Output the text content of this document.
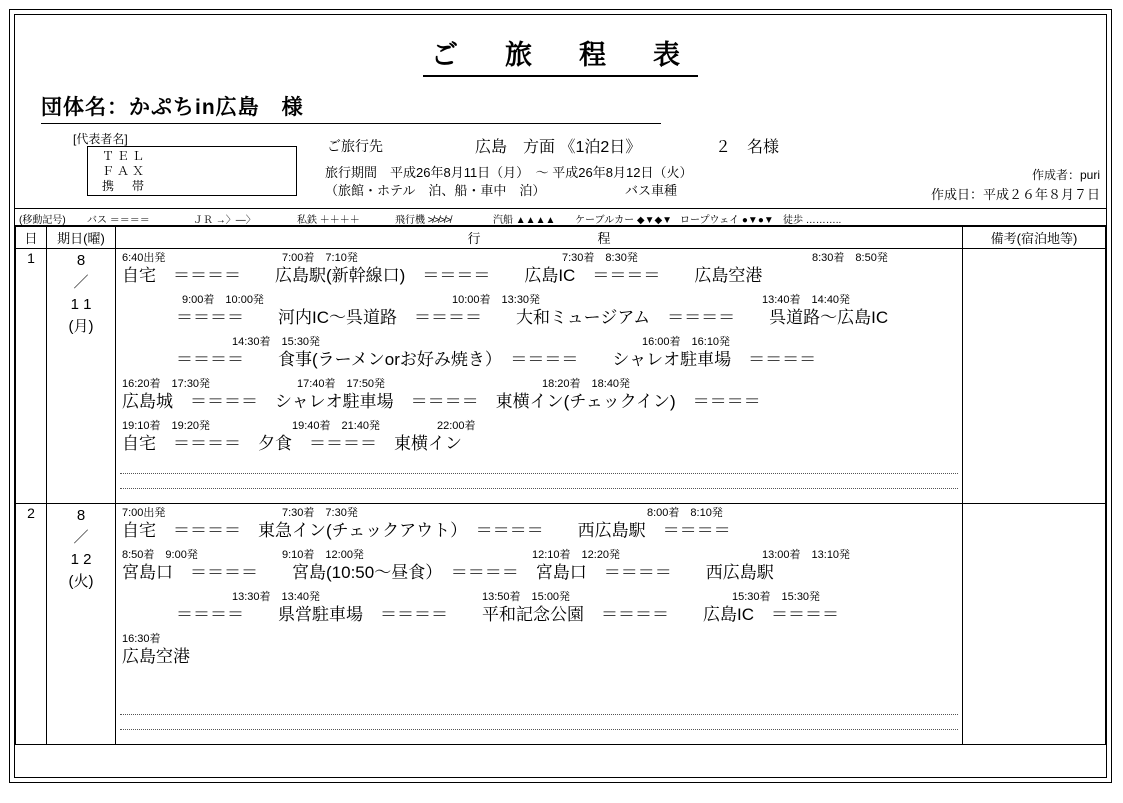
ご　旅　程　表
団体名：かぷちin広島　様
[代表者名]
ＴＥＬ
ＦＡＸ
携　帯
ご旅行先	広島　方面 《1泊2日》	２　名様
旅行期間　平成26年8月11日（月）　〜 平成26年8月12日（火）
（旅館・ホテル　泊、船・車中　泊）	バス車種
作成者：puri
作成日：平成２６年８月７日
(移動記号) バス ＝＝＝＝	ＪＲ →〉—〉	私鉄 ＋＋＋＋	飛行機 ≯≯≯≯	汽船 ▲▲▲▲ ケーブルカー ◆▼◆▼ ロープウェイ ●▼●▼ 徒歩 ………..
日	期日(曜)	行　　　　　　　　　程	備考(宿泊地等)
1	8
／
1 1
(月)

6:40出発	7:00着　7:10発	7:30着　8:30発	8:30着　8:50発
自宅　＝＝＝＝　　広島駅(新幹線口)　＝＝＝＝　　広島IC　＝＝＝＝　　広島空港
9:00着　10:00発	10:00着　13:30発	13:40着　14:40発
＝＝＝＝　　河内IC〜呉道路　＝＝＝＝　　大和ミュージアム　＝＝＝＝　　呉道路〜広島IC
14:30着　15:30発	16:00着　16:10発
＝＝＝＝　　食事(ラーメンorお好み焼き）　＝＝＝＝　　シャレオ駐車場　＝＝＝＝
16:20着　17:30発	17:40着　17:50発	18:20着　18:40発
広島城　＝＝＝＝　シャレオ駐車場　＝＝＝＝　東横イン(チェックイン)　＝＝＝＝
19:10着　19:20発	19:40着　21:40発	22:00着
自宅　＝＝＝＝　夕食　＝＝＝＝　東横イン

2	8
／
1 2
(火)

7:00出発	7:30着　7:30発	8:00着　8:10発
自宅　＝＝＝＝　東急イン(チェックアウト）　＝＝＝＝　　西広島駅　＝＝＝＝
8:50着　9:00発	9:10着　12:00発	12:10着　12:20発	13:00着　13:10発
宮島口　＝＝＝＝　　宮島(10:50〜昼食）　＝＝＝＝　宮島口　＝＝＝＝　　西広島駅
13:30着　13:40発	13:50着　15:00発	15:30着　15:30発
＝＝＝＝　　県営駐車場　＝＝＝＝　　平和記念公園　＝＝＝＝　　広島IC　＝＝＝＝
16:30着
広島空港
